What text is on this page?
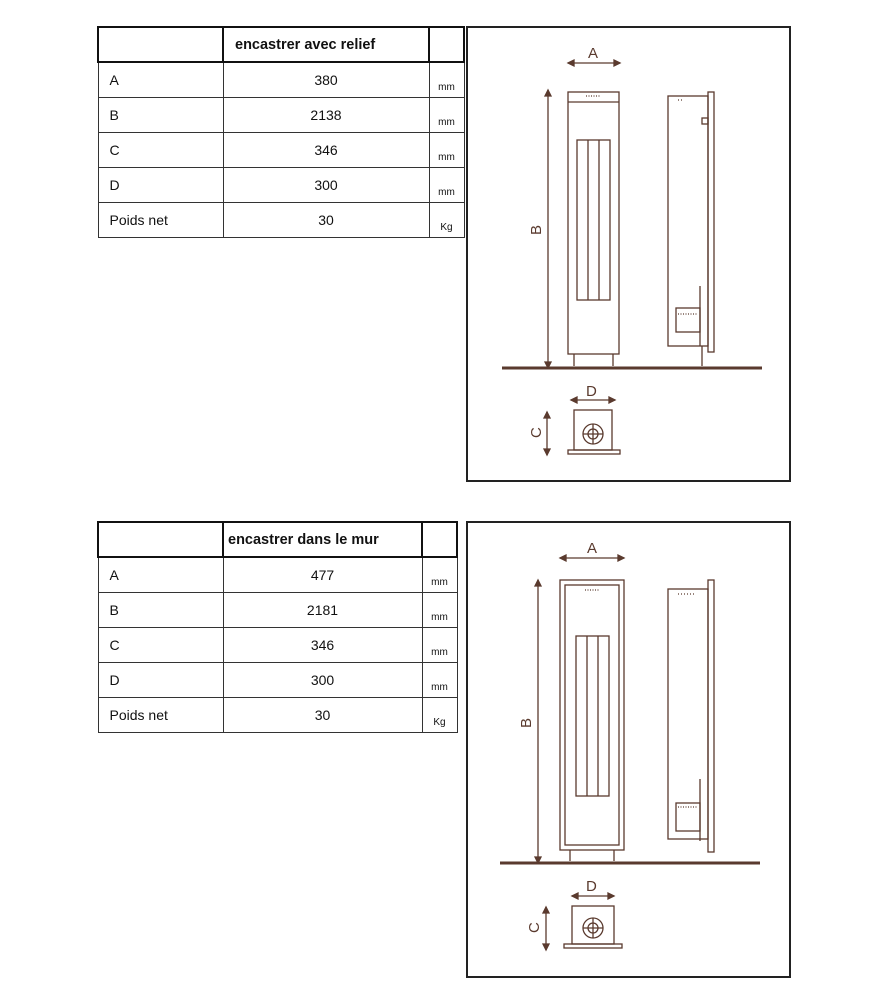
	encastrer avec relief	
A	380	mm
B	2138	mm
C	346	mm
D	300	mm
Poids net	30	Kg
A
B
D
C
	encastrer dans le mur	
A	477	mm
B	2181	mm
C	346	mm
D	300	mm
Poids net	30	Kg
A
B
D
C
